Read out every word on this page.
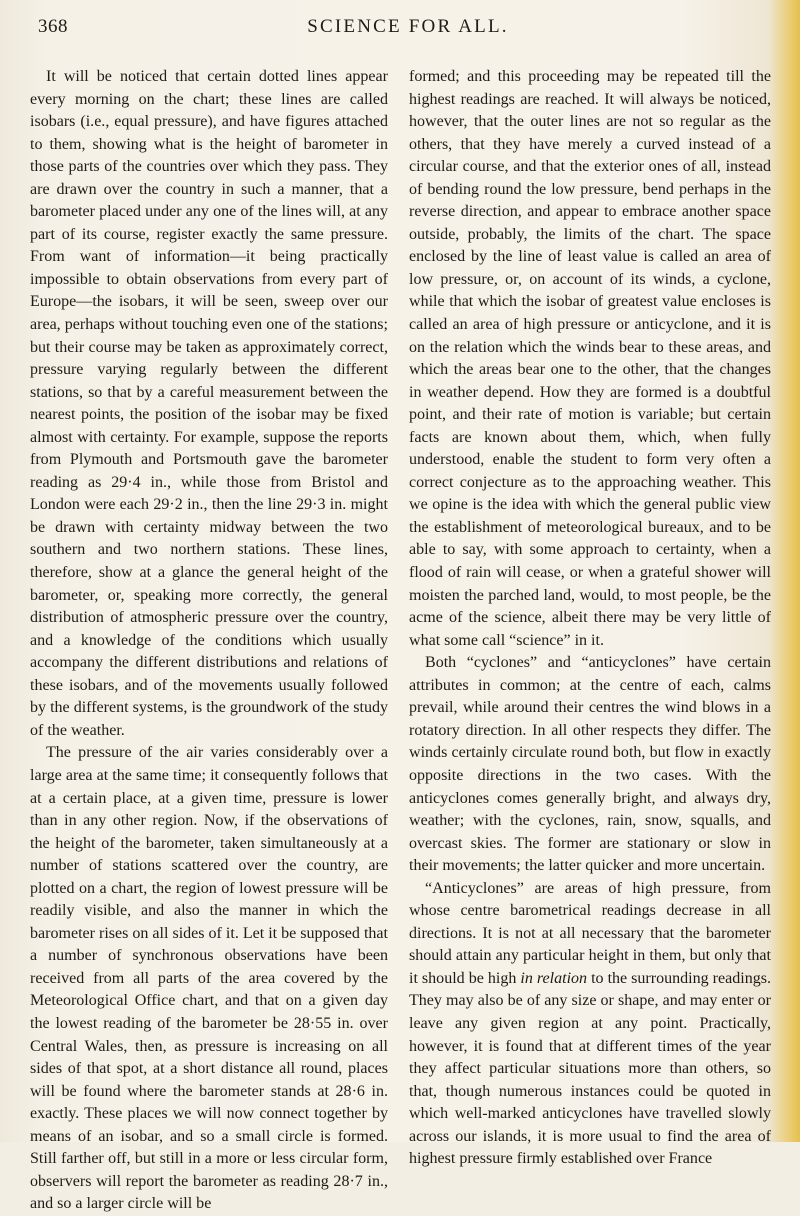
368	SCIENCE FOR ALL.

It will be noticed that certain dotted lines appear every morning on the chart; these lines are called isobars (i.e., equal pressure), and have figures attached to them, showing what is the height of barometer in those parts of the countries over which they pass. They are drawn over the country in such a manner, that a barometer placed under any one of the lines will, at any part of its course, register exactly the same pressure. From want of information—it being practically impossible to obtain observations from every part of Europe—the isobars, it will be seen, sweep over our area, perhaps without touching even one of the stations; but their course may be taken as approximately correct, pressure varying regularly between the different stations, so that by a careful measurement between the nearest points, the position of the isobar may be fixed almost with certainty. For example, suppose the reports from Plymouth and Portsmouth gave the barometer reading as 29·4 in., while those from Bristol and London were each 29·2 in., then the line 29·3 in. might be drawn with certainty midway between the two southern and two northern stations. These lines, therefore, show at a glance the general height of the barometer, or, speaking more correctly, the general distribution of atmospheric pressure over the country, and a knowledge of the conditions which usually accompany the different distributions and relations of these isobars, and of the movements usually followed by the different systems, is the groundwork of the study of the weather.

The pressure of the air varies considerably over a large area at the same time; it consequently follows that at a certain place, at a given time, pressure is lower than in any other region. Now, if the observations of the height of the barometer, taken simultaneously at a number of stations scattered over the country, are plotted on a chart, the region of lowest pressure will be readily visible, and also the manner in which the barometer rises on all sides of it. Let it be supposed that a number of synchronous observations have been received from all parts of the area covered by the Meteorological Office chart, and that on a given day the lowest reading of the barometer be 28·55 in. over Central Wales, then, as pressure is increasing on all sides of that spot, at a short distance all round, places will be found where the barometer stands at 28·6 in. exactly. These places we will now connect together by means of an isobar, and so a small circle is formed. Still farther off, but still in a more or less circular form, observers will report the barometer as reading 28·7 in., and so a larger circle will be

formed; and this proceeding may be repeated till the highest readings are reached. It will always be noticed, however, that the outer lines are not so regular as the others, that they have merely a curved instead of a circular course, and that the exterior ones of all, instead of bending round the low pressure, bend perhaps in the reverse direction, and appear to embrace another space outside, probably, the limits of the chart. The space enclosed by the line of least value is called an area of low pressure, or, on account of its winds, a cyclone, while that which the isobar of greatest value encloses is called an area of high pressure or anticyclone, and it is on the relation which the winds bear to these areas, and which the areas bear one to the other, that the changes in weather depend. How they are formed is a doubtful point, and their rate of motion is variable; but certain facts are known about them, which, when fully understood, enable the student to form very often a correct conjecture as to the approaching weather. This we opine is the idea with which the general public view the establishment of meteorological bureaux, and to be able to say, with some approach to certainty, when a flood of rain will cease, or when a grateful shower will moisten the parched land, would, to most people, be the acme of the science, albeit there may be very little of what some call “science” in it.

Both “cyclones” and “anticyclones” have certain attributes in common; at the centre of each, calms prevail, while around their centres the wind blows in a rotatory direction. In all other respects they differ. The winds certainly circulate round both, but flow in exactly opposite directions in the two cases. With the anticyclones comes generally bright, and always dry, weather; with the cyclones, rain, snow, squalls, and overcast skies. The former are stationary or slow in their movements; the latter quicker and more uncertain.

“Anticyclones” are areas of high pressure, from whose centre barometrical readings decrease in all directions. It is not at all necessary that the barometer should attain any particular height in them, but only that it should be high in relation to the surrounding readings. They may also be of any size or shape, and may enter or leave any given region at any point. Practically, however, it is found that at different times of the year they affect particular situations more than others, so that, though numerous instances could be quoted in which well-marked anticyclones have travelled slowly across our islands, it is more usual to find the area of highest pressure firmly established over France
